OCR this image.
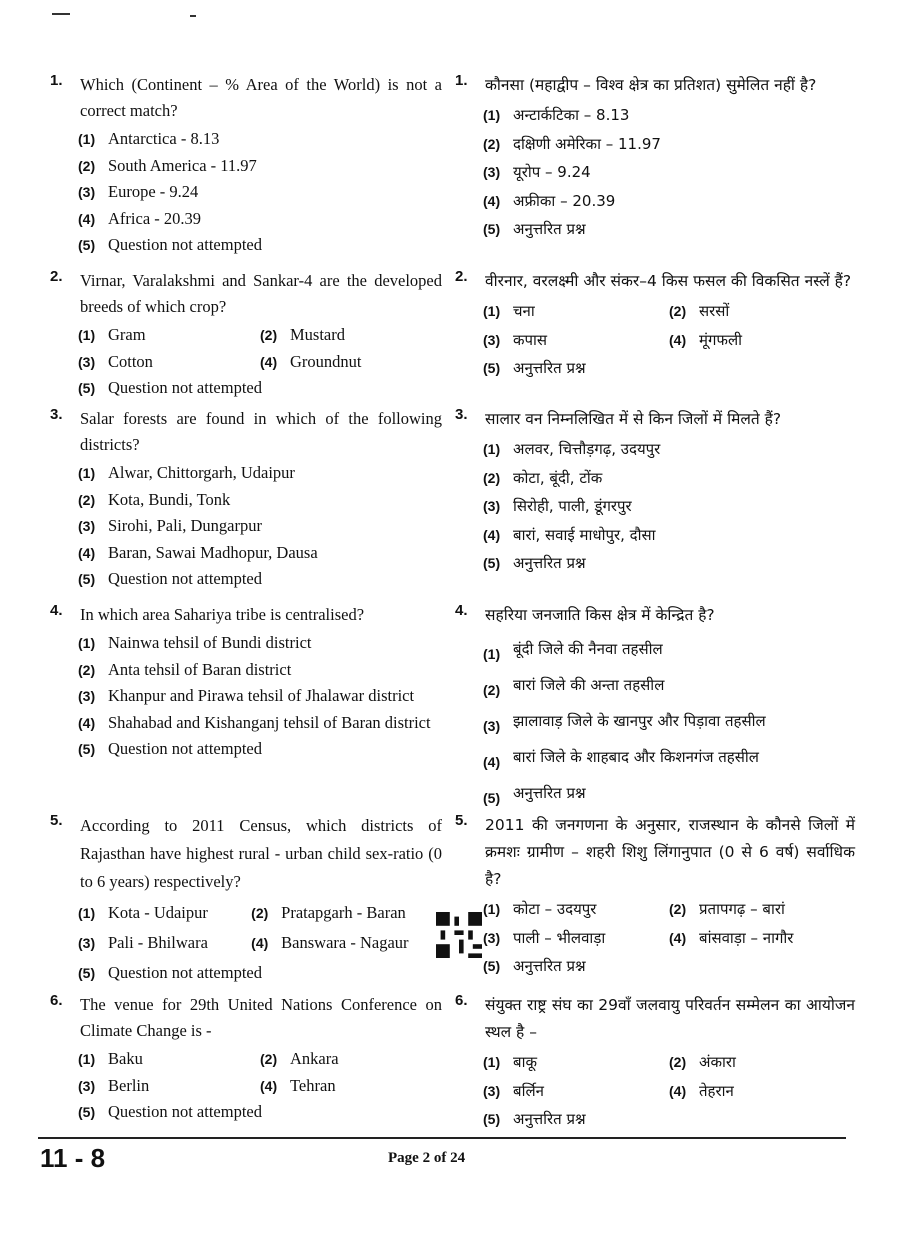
1. Which (Continent – % Area of the World) is not a correct match?
(1) Antarctica - 8.13
(2) South America - 11.97
(3) Europe - 9.24
(4) Africa - 20.39
(5) Question not attempted
2. Virnar, Varalakshmi and Sankar-4 are the developed breeds of which crop?
(1) Gram	(2) Mustard
(3) Cotton	(4) Groundnut
(5) Question not attempted
3. Salar forests are found in which of the following districts?
(1) Alwar, Chittorgarh, Udaipur
(2) Kota, Bundi, Tonk
(3) Sirohi, Pali, Dungarpur
(4) Baran, Sawai Madhopur, Dausa
(5) Question not attempted
4. In which area Sahariya tribe is centralised?
(1) Nainwa tehsil of Bundi district
(2) Anta tehsil of Baran district
(3) Khanpur and Pirawa tehsil of Jhalawar district
(4) Shahabad and Kishanganj tehsil of Baran district
(5) Question not attempted
5. According to 2011 Census, which districts of Rajasthan have highest rural - urban child sex-ratio (0 to 6 years) respectively?
(1) Kota - Udaipur	(2) Pratapgarh - Baran
(3) Pali - Bhilwara	(4) Banswara - Nagaur
(5) Question not attempted
6. The venue for 29th United Nations Conference on Climate Change is -
(1) Baku	(2) Ankara
(3) Berlin	(4) Tehran
(5) Question not attempted
1. कौनसा (महाद्वीप – विश्व क्षेत्र का प्रतिशत) सुमेलित नहीं है?
(1) अन्टार्कटिका – 8.13
(2) दक्षिणी अमेरिका – 11.97
(3) यूरोप – 9.24
(4) अफ्रीका – 20.39
(5) अनुत्तरित प्रश्न
2. वीरनार, वरलक्ष्मी और संकर–4 किस फसल की विकसित नस्लें हैं?
(1) चना	(2) सरसों
(3) कपास	(4) मूंगफली
(5) अनुत्तरित प्रश्न
3. सालार वन निम्नलिखित में से किन जिलों में मिलते हैं?
(1) अलवर, चित्तौड़गढ़, उदयपुर
(2) कोटा, बूंदी, टोंक
(3) सिरोही, पाली, डूंगरपुर
(4) बारां, सवाई माधोपुर, दौसा
(5) अनुत्तरित प्रश्न
4. सहरिया जनजाति किस क्षेत्र में केन्द्रित है?
(1) बूंदी जिले की नैनवा तहसील
(2) बारां जिले की अन्ता तहसील
(3) झालावाड़ जिले के खानपुर और पिड़ावा तहसील
(4) बारां जिले के शाहबाद और किशनगंज तहसील
(5) अनुत्तरित प्रश्न
5. 2011 की जनगणना के अनुसार, राजस्थान के कौनसे जिलों में क्रमशः ग्रामीण – शहरी शिशु लिंगानुपात (0 से 6 वर्ष) सर्वाधिक है?
(1) कोटा – उदयपुर	(2) प्रतापगढ़ – बारां
(3) पाली – भीलवाड़ा	(4) बांसवाड़ा – नागौर
(5) अनुत्तरित प्रश्न
6. संयुक्त राष्ट्र संघ का 29वाँ जलवायु परिवर्तन सम्मेलन का आयोजन स्थल है –
(1) बाकू	(2) अंकारा
(3) बर्लिन	(4) तेहरान
(5) अनुत्तरित प्रश्न
11 - 8	Page 2 of 24
